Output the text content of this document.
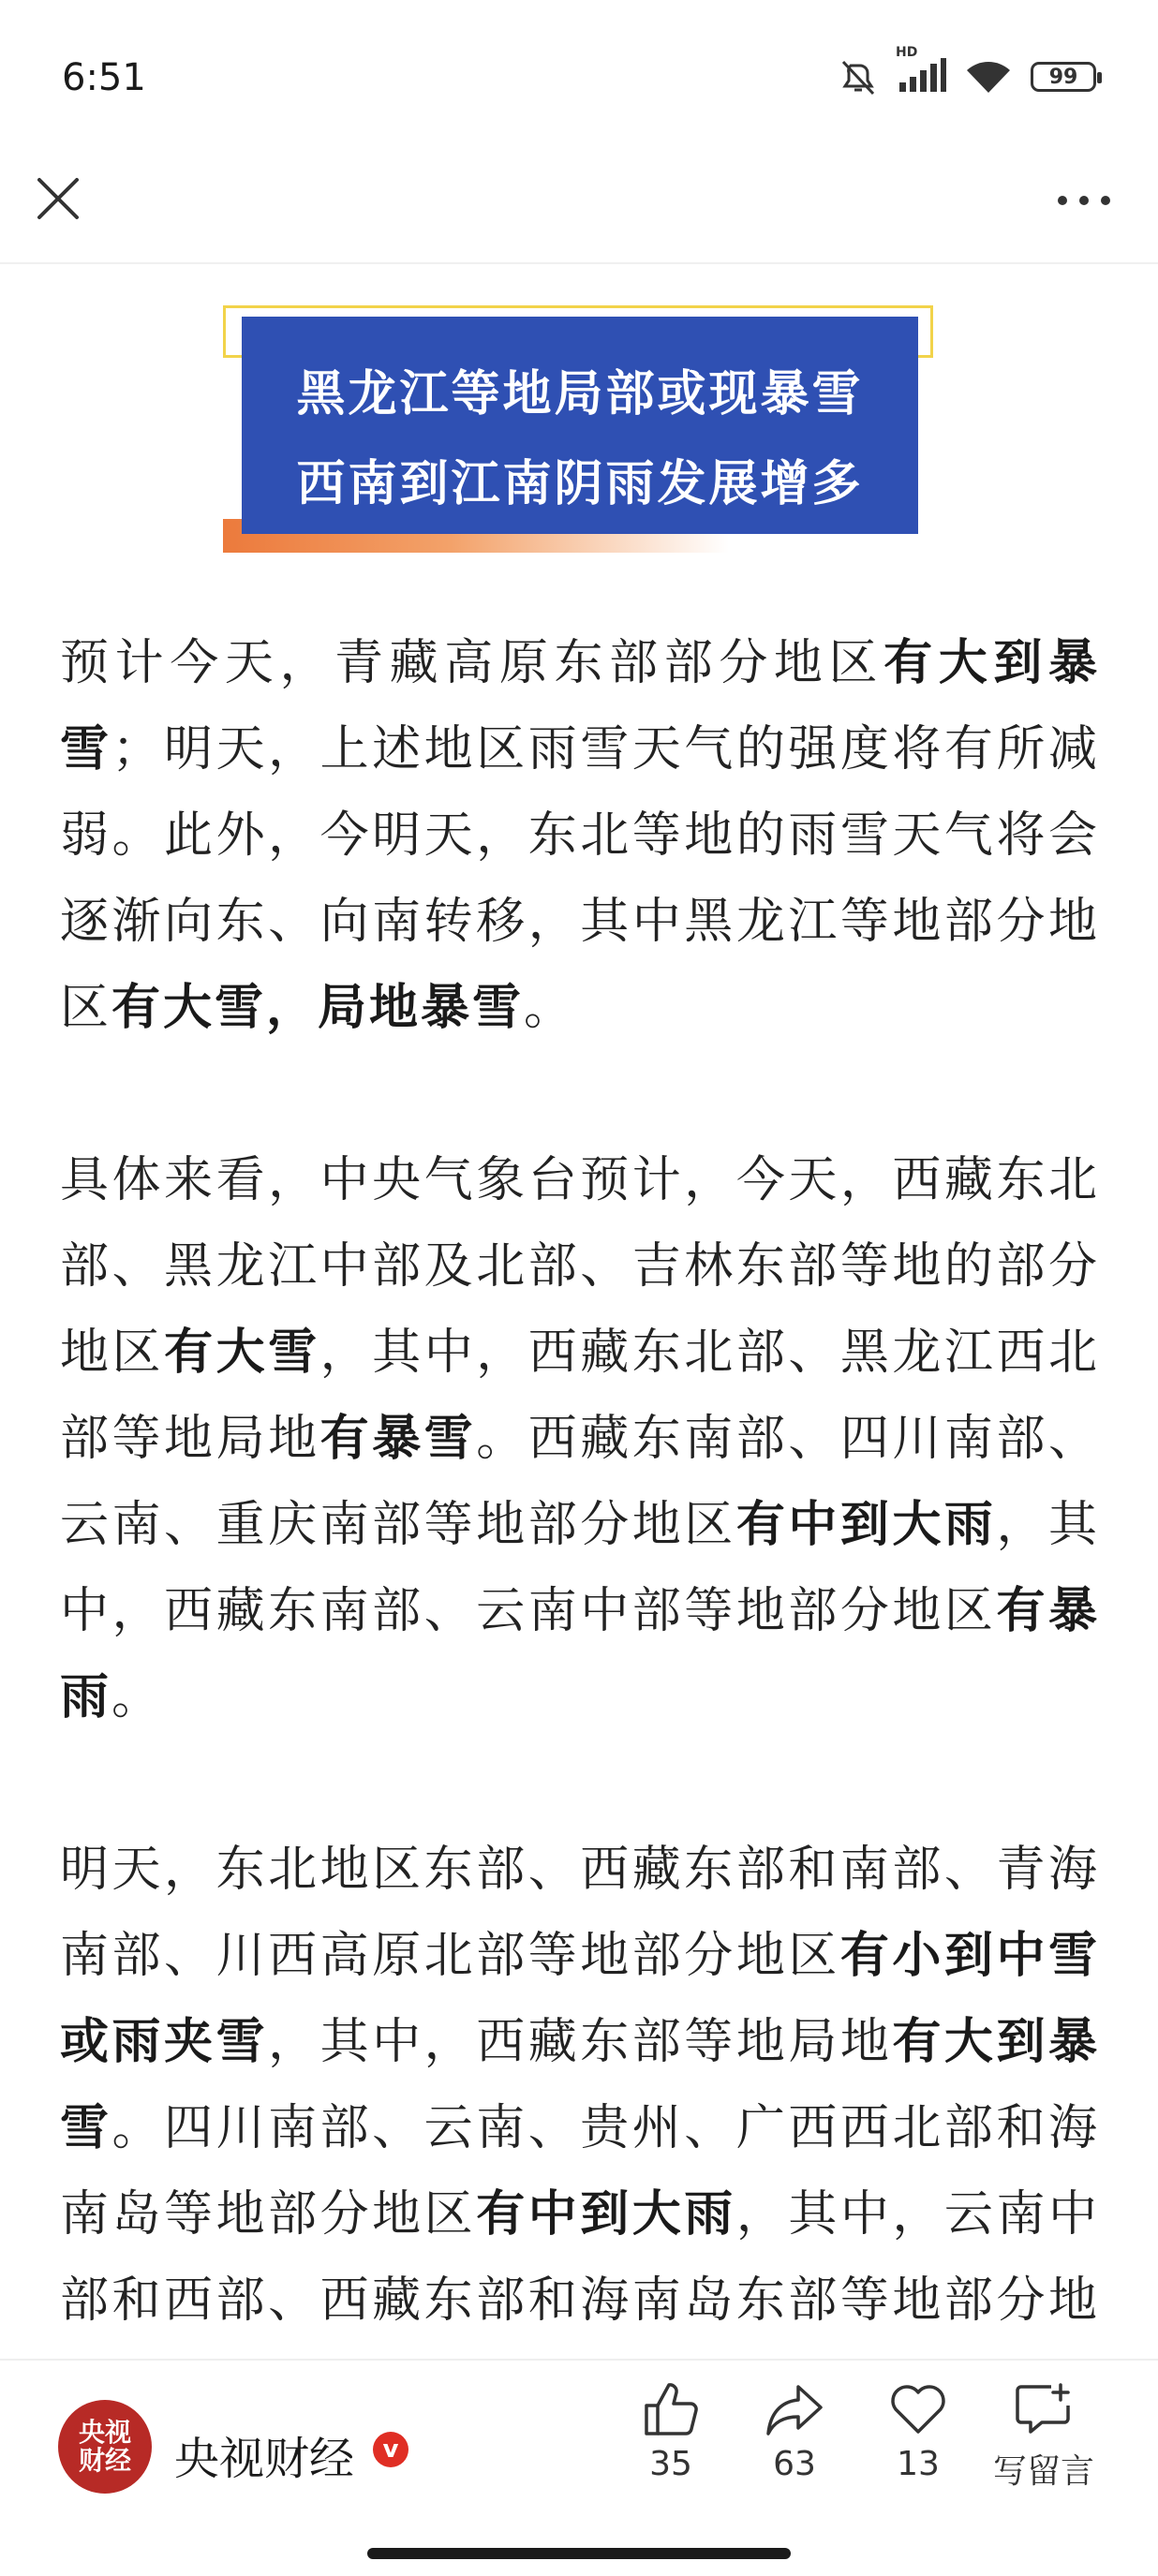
6:51
HD
99
黑龙江等地局部或现暴雪
西南到江南阴雨发展增多

预计今天，青藏高原东部部分地区有大到暴雪；明天，上述地区雨雪天气的强度将有所减弱。此外，今明天，东北等地的雨雪天气将会逐渐向东、向南转移，其中黑龙江等地部分地区有大雪，局地暴雪。

具体来看，中央气象台预计，今天，西藏东北部、黑龙江中部及北部、吉林东部等地的部分地区有大雪，其中，西藏东北部、黑龙江西北部等地局地有暴雪。西藏东南部、四川南部、云南、重庆南部等地部分地区有中到大雨，其中，西藏东南部、云南中部等地部分地区有暴雨。

明天，东北地区东部、西藏东部和南部、青海南部、川西高原北部等地部分地区有小到中雪或雨夹雪，其中，西藏东部等地局地有大到暴雪。四川南部、云南、贵州、广西西北部和海南岛等地部分地区有中到大雨，其中，云南中部和西部、西藏东部和海南岛东部等地部分地

央视财经 央视财经	v	35	63	13	写留言
